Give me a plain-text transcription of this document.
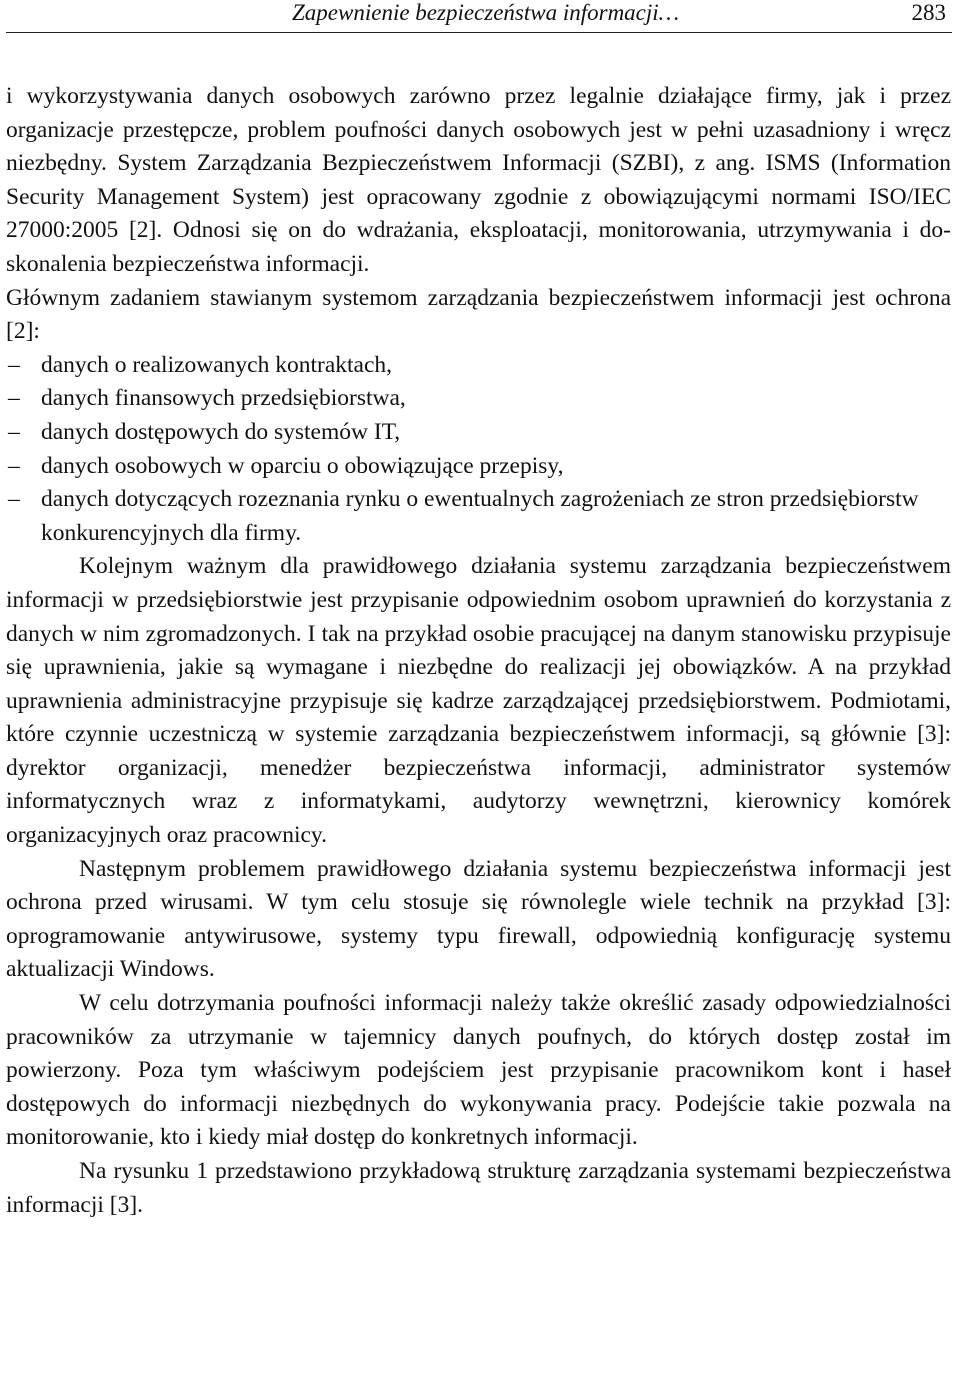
Zapewnienie bezpieczeństwa informacji…	283

i wykorzystywania danych osobowych zarówno przez legalnie działające firmy, jak i przez organizacje przestępcze, problem poufności danych osobowych jest w pełni uzasadniony i wręcz niezbędny. System Zarządzania Bezpieczeństwem Informacji (SZBI), z ang. ISMS (Information Security Management System) jest opracowany zgodnie z obowiązującymi normami ISO/IEC 27000:2005 [2]. Odnosi się on do wdrażania, eksploatacji, monitorowania, utrzymywania i doskonalenia bezpieczeństwa informacji.

Głównym zadaniem stawianym systemom zarządzania bezpieczeństwem informacji jest ochrona [2]:

– danych o realizowanych kontraktach,
– danych finansowych przedsiębiorstwa,
– danych dostępowych do systemów IT,
– danych osobowych w oparciu o obowiązujące przepisy,
– danych dotyczących rozeznania rynku o ewentualnych zagrożeniach ze stron przedsiębiorstw konkurencyjnych dla firmy.

Kolejnym ważnym dla prawidłowego działania systemu zarządzania bezpieczeństwem informacji w przedsiębiorstwie jest przypisanie odpowiednim osobom uprawnień do korzystania z danych w nim zgromadzonych. I tak na przykład osobie pracującej na danym stanowisku przypisuje się uprawnienia, jakie są wymagane i niezbędne do realizacji jej obowiązków. A na przykład uprawnienia administracyjne przypisuje się kadrze zarządzającej przedsiębiorstwem. Podmiotami, które czynnie uczestniczą w systemie zarządzania bezpieczeństwem informacji, są głównie [3]: dyrektor organizacji, menedżer bezpieczeństwa informacji, administrator systemów informatycznych wraz z informatykami, audytorzy wewnętrzni, kierownicy komórek organizacyjnych oraz pracownicy.

Następnym problemem prawidłowego działania systemu bezpieczeństwa informacji jest ochrona przed wirusami. W tym celu stosuje się równolegle wiele technik na przykład [3]: oprogramowanie antywirusowe, systemy typu firewall, odpowiednią konfigurację systemu aktualizacji Windows.

W celu dotrzymania poufności informacji należy także określić zasady odpowiedzialności pracowników za utrzymanie w tajemnicy danych poufnych, do których dostęp został im powierzony. Poza tym właściwym podejściem jest przypisanie pracownikom kont i haseł dostępowych do informacji niezbędnych do wykonywania pracy. Podejście takie pozwala na monitorowanie, kto i kiedy miał dostęp do konkretnych informacji.

Na rysunku 1 przedstawiono przykładową strukturę zarządzania systemami bezpieczeństwa informacji [3].
